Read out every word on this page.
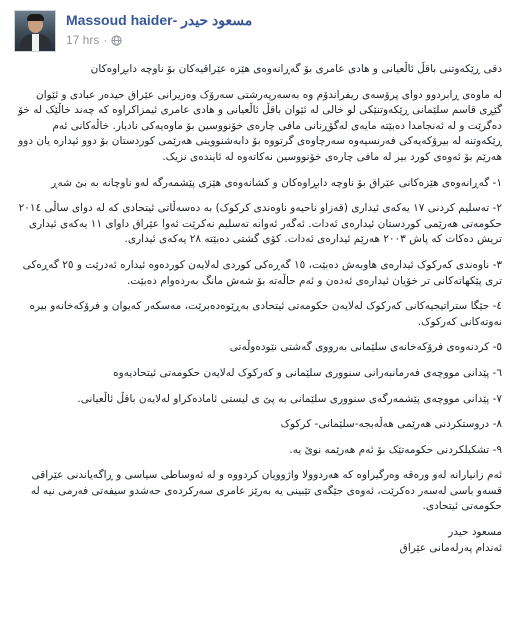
Massoud haider- مسعود حيدر
17 hrs ·

دقى ڕێکەوتنى باقڵ ئاڵعيانى و هادى عامرى بۆ گەڕانەوەى هێزە عێراقيەکان بۆ ناوچە دابڕاوەکان

لە ماوەى ڕابردوو دواى پرۆسەى ريفراندۆم وە بەسەرپەرشتى سەرۆک وەزيرانى عێراق حيدەر عبادى و ئێوان گێڕى قاسم سلێمانى ڕێکەوتنێکى لو خالى لە ئێوان باقڵ ئاڵعيانى و هادى عامرى ئيمزاکراوە کە چەند خاڵێک لە خۆ دەگرێت و لە ئەنجامدا دەبێتە مايەى لەگۆڕنانى مافى چارەى خۆنووسين بۆ ماوەيەکى ناديار. خاڵەکانى ئەم ڕێکەوتنە لە بيرۆکەيەکى فەرنسيەوە سەرچاوەى گرتووە بۆ دابەشنووينى هەرێمى کوردستان بۆ دوو ئيدارە يان دوو هەرێم بۆ ئەوەى کورد بير لە مافى چارەى خۆنووسين نەکاتەوە لە ئايندەى نزيک.

١- گەڕانەوەى هێزەکانى عێراق بۆ ناوچە دابڕاوەکان و کشانەوەى هێزى پێشمەرگە لەو ناوچانە بە بێ شەڕ

٢- تەسليم کردنى ١٧ يەکەى ئيدارى (قەزاو ناحيەو ناوەندى کرکوک) بە دەسەڵاتى ئيتحادى کە لە دواى ساڵى ٢٠١٤ حکومەتى هەرێمى کوردستان ئيدارەى ئەدات. ئەگەر ئەوانە تەسليم نەکرێت ئەوا عێراق داواى ١١ يەکەى ئيدارى تريش دەکات کە پاش ٢٠٠٣ هەرێم ئيدارەى ئەدات. کۆى گشتى دەبێتە ٢٨ يەکەى ئيدارى.

٣- ناوەندى کەرکوک ئيدارەى هاوبەش دەبێت، ١٥ گەڕەکى کوردى لەلايەن کوردەوە ئيدارە ئەدرێت و ٢٥ گەڕەکى ترى پێکهاتەکانى تر خۆيان ئيدارەى ئەدەن و ئەم حاڵەتە بۆ شەش مانگ بەردەوام دەبێت.

٤- جێگا ستراتيجيەکانى کەرکوک لەلايەن حکومەتى ئيتحادى بەڕێوەدەبرێت، مەسکەر کەيوان و فرۆکەخانەو بيرە نەوتەکانى کەرکوک.

٥- کردنەوەى فرۆکەخانەى سلێمانى بەرووى گەشتى نێودەوڵەتى

٦- پێدانى مووچەى فەرمانبەرانى سنوورى سلێمانى و کەرکوک لەلايەن حکومەتى ئيتحاديەوە

٧- پێدانى مووچەى پێشمەرگەى سنوورى سلێمانى بە پێ ى ليستى ئامادەکراو لەلايەن باقڵ ئاڵعيانى.

٨- دروستکردنى هەرێمى هەڵەبجە-سلێمانى- کرکوک

٩- تشکيلکردنى حکومەتێک بۆ ئەم هەرێمە نوێ يە.

ئەم زانيارانە لەو ورەقە وەرگيراوە کە هەردوولا واژوويان کردووە و لە ئەوساطى سياسى و ڕاگەياندنى عێراقى قسەو باسى لەسەر دەکرێت، ئەوەى جێگەى تێبينى يە بەرێز عامرى سەرکردەى حەشدو سيفەتى فەرمى نيە لە حکومەتى ئيتحادى.

مسعود حيدر

ئەندام پەرلەمانى عێراق
